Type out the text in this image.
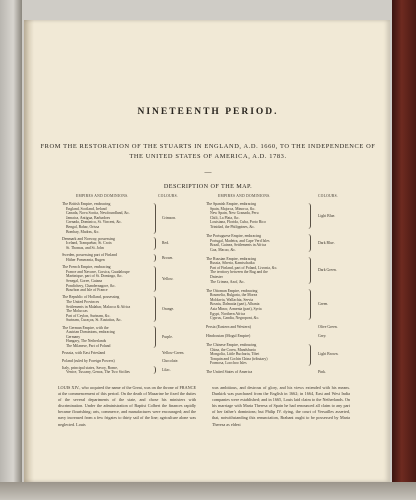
NINETEENTH PERIOD.
FROM THE RESTORATION OF THE STUARTS IN ENGLAND, A.D. 1660, TO THE INDEPENDENCE OF THE UNITED STATES OF AMERICA, A.D. 1783.
—
DESCRIPTION OF THE MAP.
EMPIRES AND DOMINIONS.	COLOURS.	EMPIRES AND DOMINIONS.	COLOURS.
The British Empire, embracing
England, Scotland, Ireland
Canada, Nova Scotia, Newfoundland, &c.
Jamaica, Antigua, Barbadoes
Grenada, Dominica, St. Vincent, &c.
Bengal, Bahar, Orissa
Bombay, Madras, &c.
Crimson.
Denmark and Norway, possessing
Iceland, Tranquebar, St. Croix
St. Thomas, and St. John
Red.
Sweden, possessing part of Finland
Hither Pomerania, Rugen
Brown.
The French Empire, embracing
France and Navarre, Corsica, Guadaloupe
Martinique, part of St. Domingo, &c.
Senegal, Goree, Guiana
Pondichery, Chandernagore, &c.
Bourbon and Isle of France
Yellow.
The Republic of Holland, possessing
The United Provinces
Settlements in Malabar, Malacca & Africa
The Moluccas
Part of Ceylon, Surinam, &c.
Surinam, Curaçoa, St. Eustatius, &c.
Orange.
The German Empire, with the
Austrian Dominions, embracing
Germany
Hungary, The Netherlands
The Milanese, Part of Poland
Purple.
Prussia, with East Friesland	Yellow-Green.
Poland (ruled by Foreign Powers)	Chocolate.
Italy, principal states, Savoy, Rome,
Venice, Tuscany, Genoa, The Two Sicilies
Lilac.
The Spanish Empire, embracing
Spain, Majorca, Minorca, &c.
New Spain, New Granada, Peru
Chili, La Plata, &c.
Louisiana, Florida, Cuba, Porto Rico
Trinidad, the Philippines, &c.
Light Blue.
The Portuguese Empire, embracing
Portugal, Madeira, and Cape Verd Isles
Brazil, Guinea, Settlements in Africa
Goa, Macao, &c.
Dark Blue.
The Russian Empire, embracing
Russia, Siberia, Kamtschatka
Part of Finland, part of Poland, Livonia, &c.
The territory between the Bug and the
Dniester
The Crimea, Azof, &c.
Dark Green.
The Ottoman Empire, embracing
Roumelia, Bulgaria, the Morea
Moldavia, Wallachia, Servia
Bosnia, Dalmatia (part), Albania
Asia Minor, Armenia (part), Syria
Egypt, Northern Africa
Cyprus, Candia, Negropont, &c.
Green.
Persia (Eastern and Western)	Olive Green.
Hindoostan (Mogul Empire)	Grey.
The Chinese Empire, embracing
China, the Corea, Mandshuria
Mongolia, Little Bucharia, Tibet
Tonquin and Cochin China (tributary)
Formosa, Loochoo Isles
Light Brown.
The United States of America	Pink.
LOUIS XIV., who acquired the name of the Great, was on the throne of FRANCE at the commencement of this period. On the death of Mazarine he fixed the duties of the several departments of the state, and chose his ministers with discrimination. Under the administration of Baptist Colbert the finances rapidly became flourishing; arts, commerce, and manufactures were encouraged; and the navy increased from a few frigates to thirty sail of the line; agriculture alone was neglected. Louis
was ambitious, and desirous of glory, and his views extended with his means. Dunkirk was purchased from the English in 1662; in 1664, East and West India companies were established; and in 1665, Louis laid claim to the Netherlands. On his marriage with Maria Theresa of Spain he had renounced all claim to any part of her father's dominions; but Philip IV. dying, the court of Versailles asserted, that, notwithstanding this renunciation, Brabant ought to be possessed by Maria Theresa as eldest
